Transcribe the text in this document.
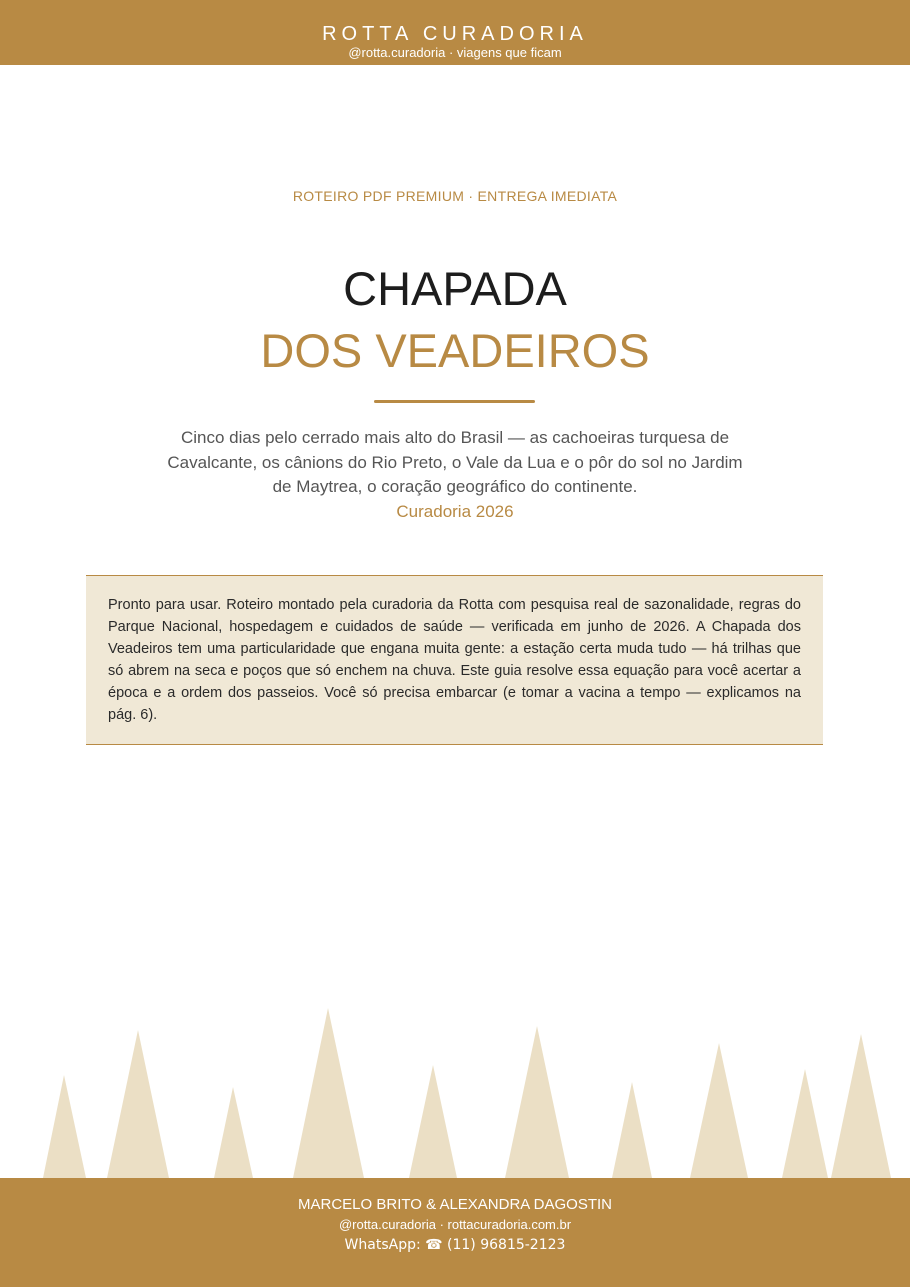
ROTTA CURADORIA
@rotta.curadoria · viagens que ficam
ROTEIRO PDF PREMIUM · ENTREGA IMEDIATA
CHAPADA
DOS VEADEIROS
Cinco dias pelo cerrado mais alto do Brasil — as cachoeiras turquesa de Cavalcante, os cânions do Rio Preto, o Vale da Lua e o pôr do sol no Jardim de Maytrea, o coração geográfico do continente.
Curadoria 2026

Pronto para usar. Roteiro montado pela curadoria da Rotta com pesquisa real de sazonalidade, regras do Parque Nacional, hospedagem e cuidados de saúde — verificada em junho de 2026. A Chapada dos Veadeiros tem uma particularidade que engana muita gente: a estação certa muda tudo — há trilhas que só abrem na seca e poços que só enchem na chuva. Este guia resolve essa equação para você acertar a época e a ordem dos passeios. Você só precisa embarcar (e tomar a vacina a tempo — explicamos na pág. 6).

MARCELO BRITO & ALEXANDRA DAGOSTIN
@rotta.curadoria · rottacuradoria.com.br
WhatsApp: ☎ (11) 96815-2123
